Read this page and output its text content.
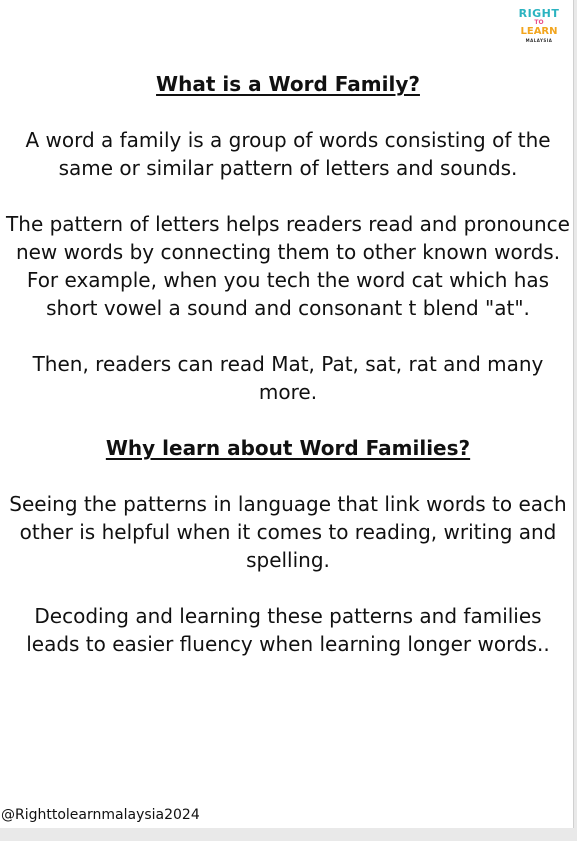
RIGHT
TO
LEARN
MALAYSIA

What is a Word Family?

A word a family is a group of words consisting of the same or similar pattern of letters and sounds.

The pattern of letters helps readers read and pronounce new words by connecting them to other known words.

For example, when you tech the word cat which has short vowel a sound and consonant t blend "at".

Then, readers can read Mat, Pat, sat, rat and many more.

Why learn about Word Families?

Seeing the patterns in language that link words to each other is helpful when it comes to reading, writing and spelling.

Decoding and learning these patterns and families leads to easier fluency when learning longer words..

@Righttolearnmalaysia2024
